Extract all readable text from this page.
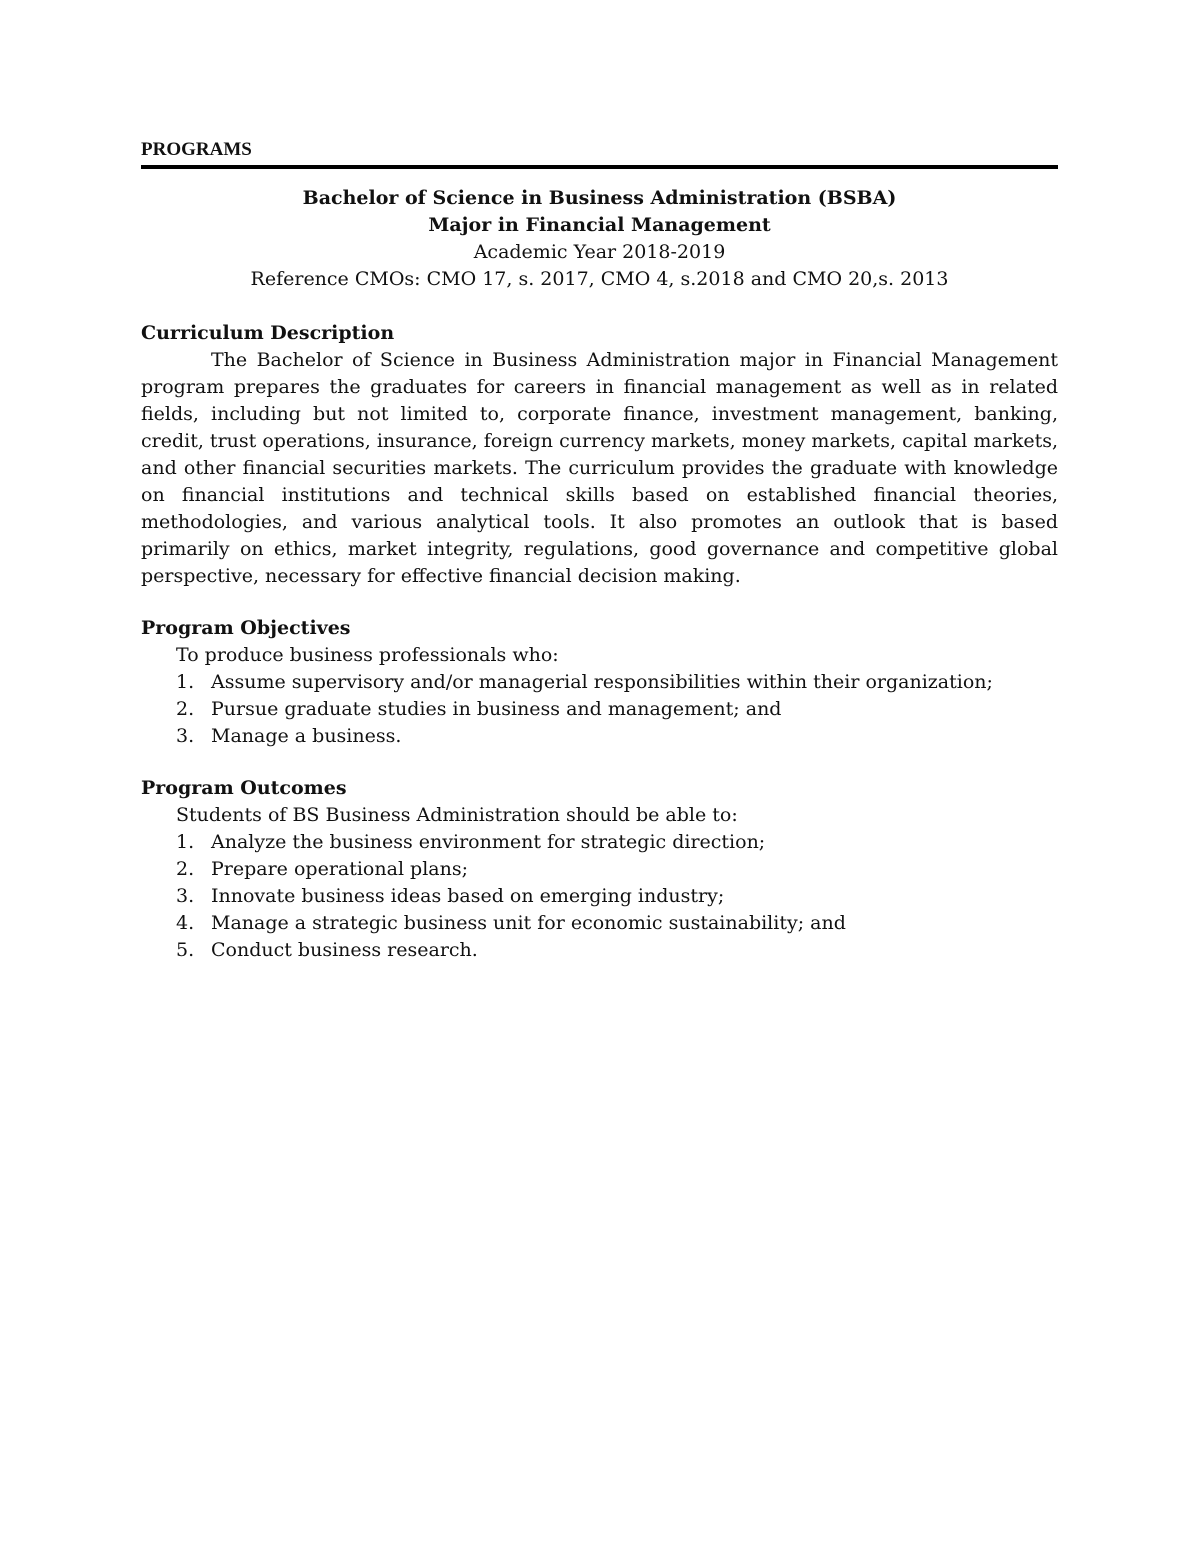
PROGRAMS
Bachelor of Science in Business Administration (BSBA)
Major in Financial Management
Academic Year 2018-2019
Reference CMOs: CMO 17, s. 2017, CMO 4, s.2018 and CMO 20,s. 2013
Curriculum Description

The Bachelor of Science in Business Administration major in Financial Management program prepares the graduates for careers in financial management as well as in related fields, including but not limited to, corporate finance, investment management, banking, credit, trust operations, insurance, foreign currency markets, money markets, capital markets, and other financial securities markets. The curriculum provides the graduate with knowledge on financial institutions and technical skills based on established financial theories, methodologies, and various analytical tools. It also promotes an outlook that is based primarily on ethics, market integrity, regulations, good governance and competitive global perspective, necessary for effective financial decision making.

Program Objectives

To produce business professionals who:

1. Assume supervisory and/or managerial responsibilities within their organization;
2. Pursue graduate studies in business and management; and
3. Manage a business.
Program Outcomes

Students of BS Business Administration should be able to:

1. Analyze the business environment for strategic direction;
2. Prepare operational plans;
3. Innovate business ideas based on emerging industry;
4. Manage a strategic business unit for economic sustainability; and
5. Conduct business research.
